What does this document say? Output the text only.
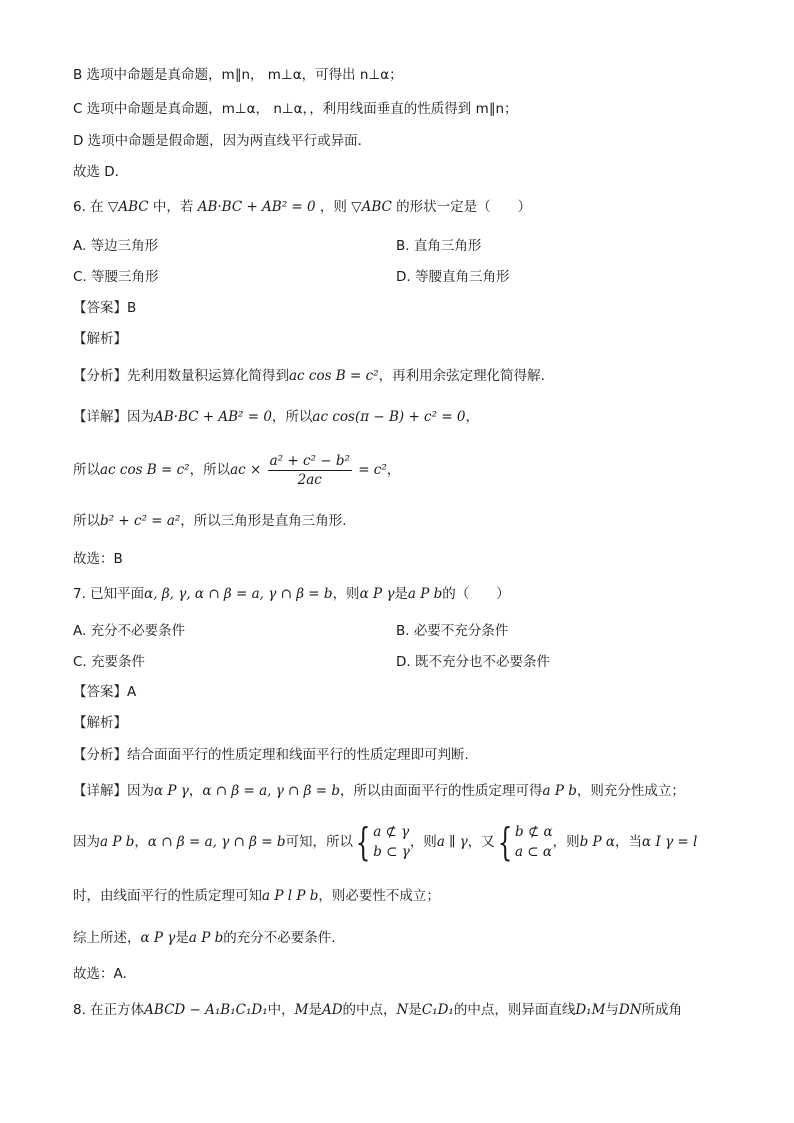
B 选项中命题是真命题，m∥n， m⊥α，可得出 n⊥α；
C 选项中命题是真命题，m⊥α， n⊥α，，利用线面垂直的性质得到 m∥n；
D 选项中命题是假命题，因为两直线平行或异面．
故选 D．
6. 在 ▽ABC 中，若 AB·BC + AB² = 0 ，则 ▽ABC 的形状一定是（　　）
A. 等边三角形	B. 直角三角形
C. 等腰三角形	D. 等腰直角三角形
【答案】B
【解析】
【分析】先利用数量积运算化简得到ac cos B = c²，再利用余弦定理化简得解.
【详解】因为AB·BC + AB² = 0，所以ac cos(π − B) + c² = 0，
所以ac cos B = c²，所以ac × $\frac{\text{a² + c² − b²}}{2ac} = c^2$，
所以b² + c² = a²，所以三角形是直角三角形.
故选：B
7. 已知平面α, β, γ, α ∩ β = a, γ ∩ β = b，则α P γ是a P b的（　　）
A. 充分不必要条件	B. 必要不充分条件
C. 充要条件	D. 既不充分也不必要条件
【答案】A
【解析】
【分析】结合面面平行的性质定理和线面平行的性质定理即可判断.
【详解】因为α P γ，α ∩ β = a, γ ∩ β = b，所以由面面平行的性质定理可得a P b，则充分性成立；
因为a P b，α ∩ β = a, γ ∩ β = b可知，所以{ a ⊄ γ
b ⊂ γ
，则a ∥ γ，又{ b ⊄ α
a ⊂ α
，则b P α，当α I γ = l
时，由线面平行的性质定理可知a P l P b，则必要性不成立；
综上所述，α P γ是a P b的充分不必要条件.
故选：A.
8. 在正方体ABCD − A₁B₁C₁D₁中，M是AD的中点，N是C₁D₁的中点，则异面直线D₁M与DN所成角
